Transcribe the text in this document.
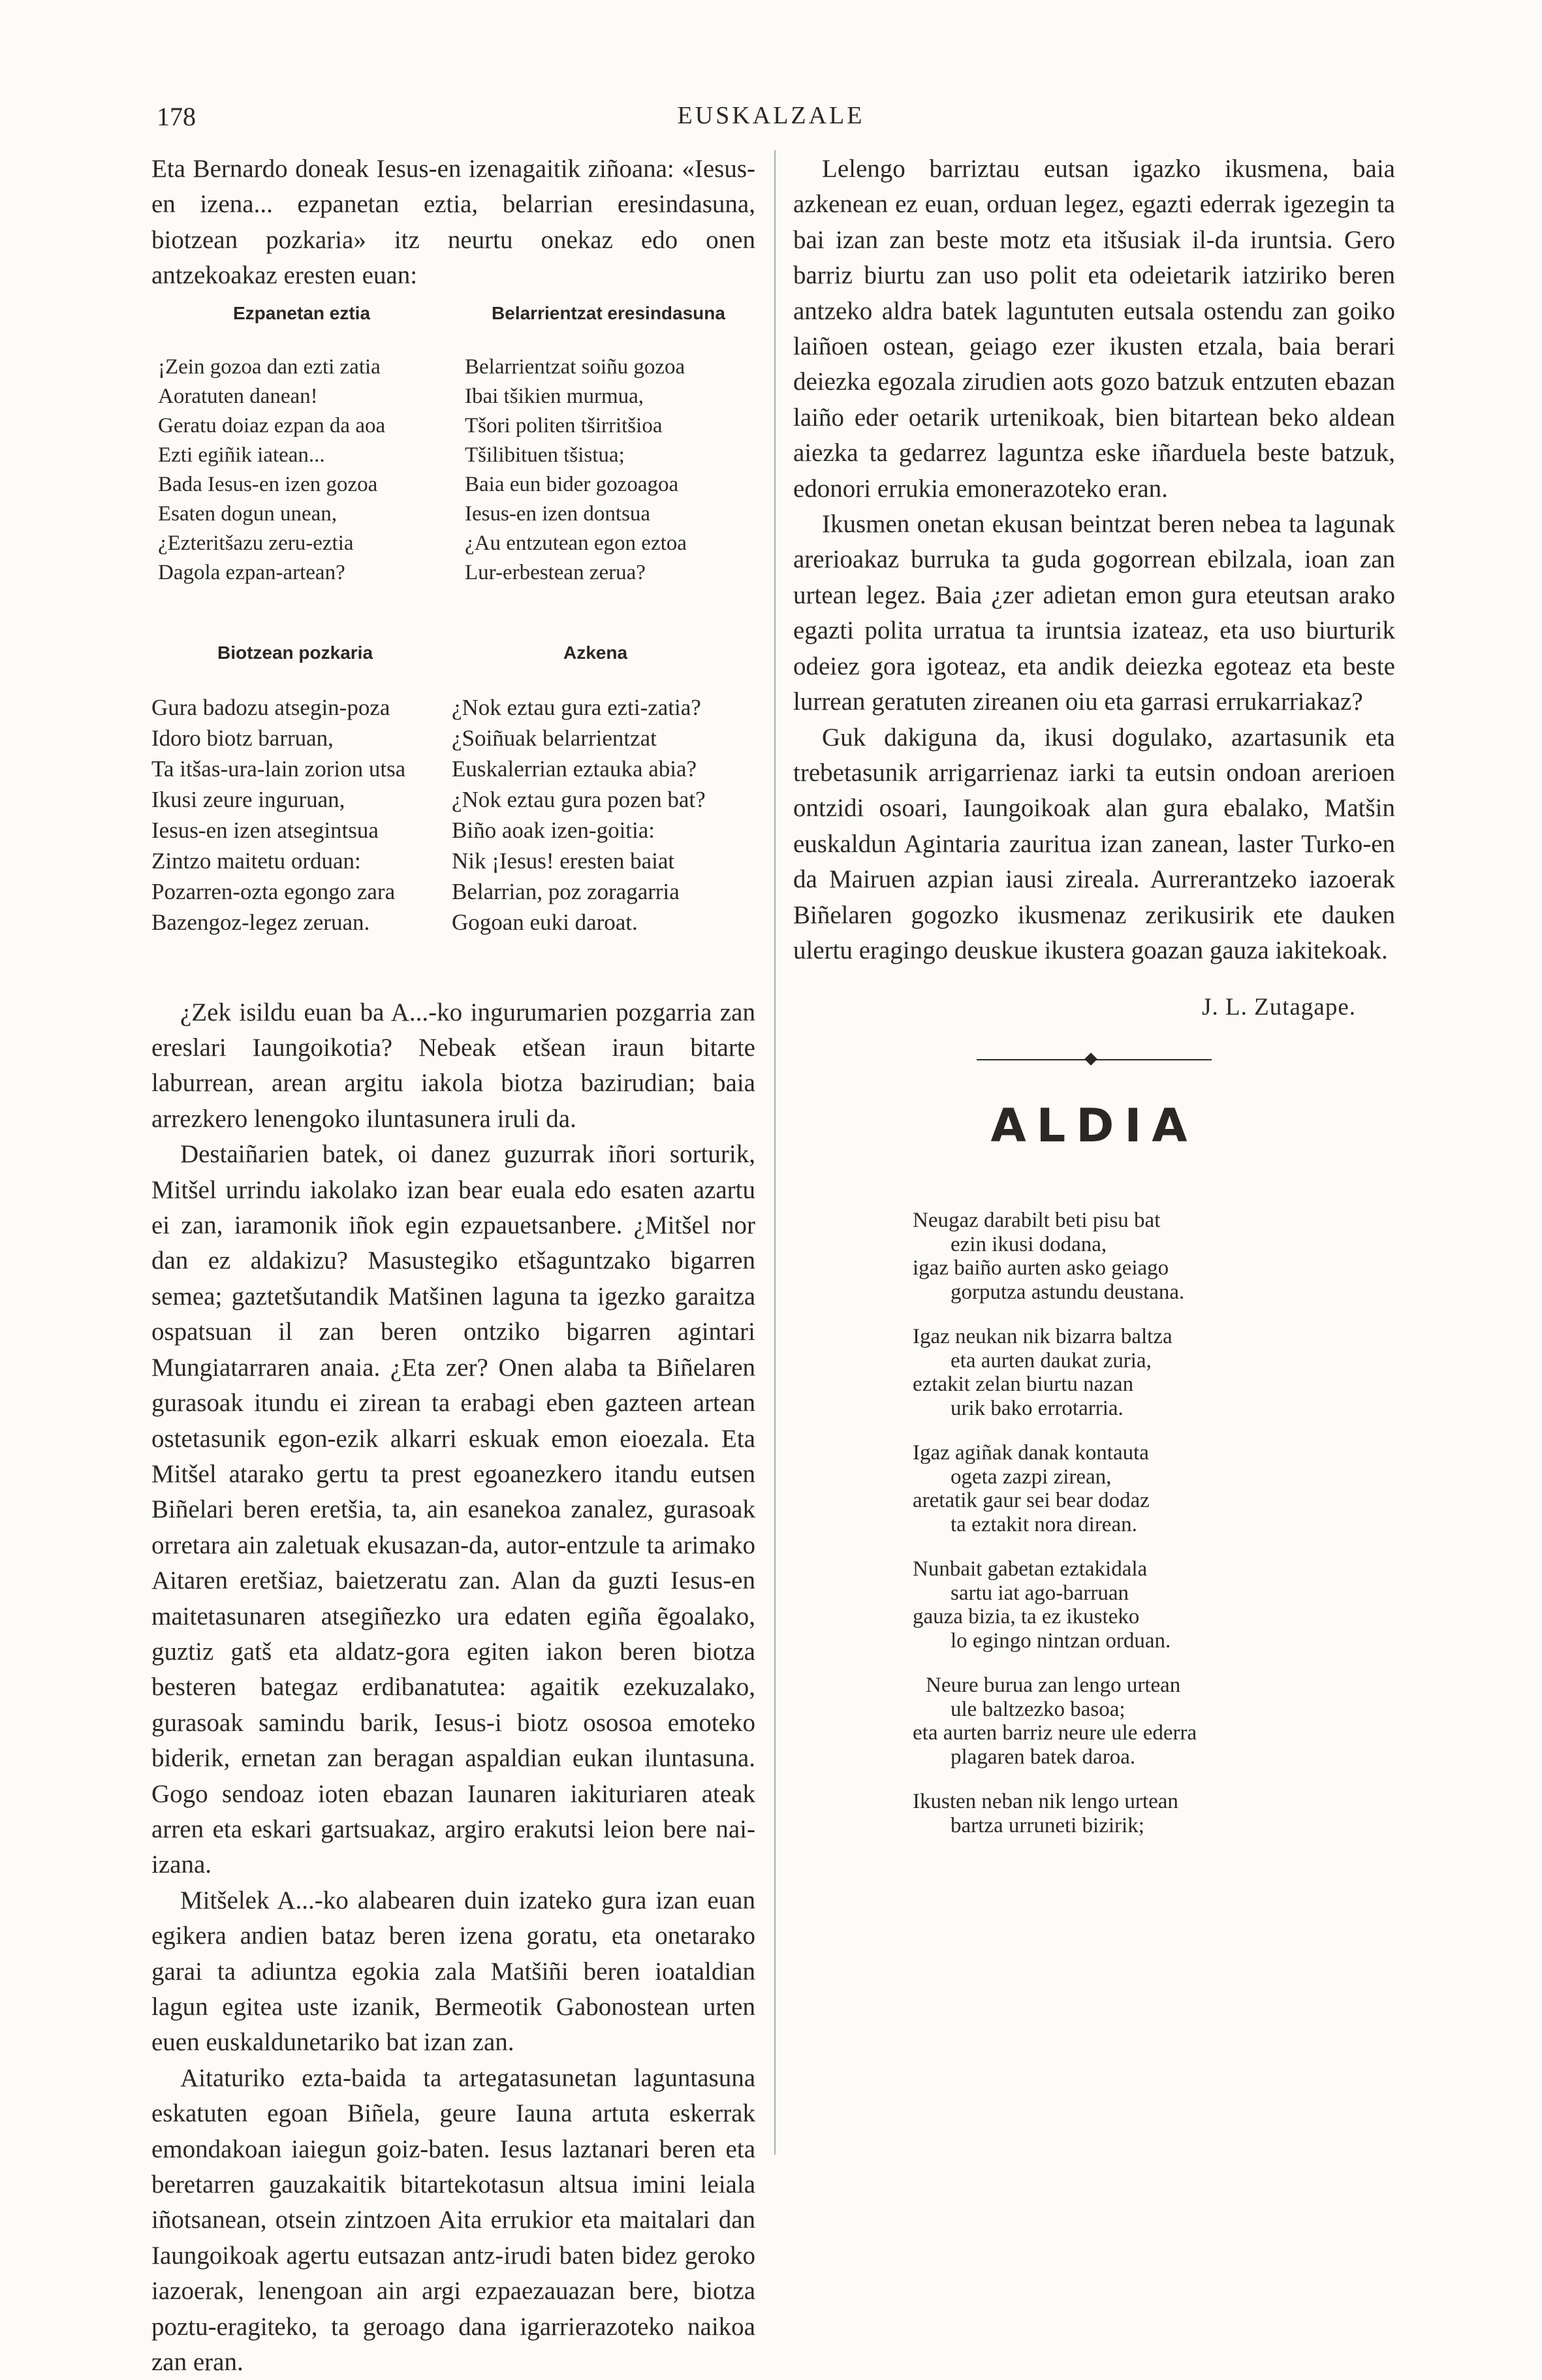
178	EUSKALZALE

Eta Bernardo doneak Iesus-en izenagaitik ziñoana: «Iesus-en izena... ezpanetan eztia, belarrian eresindasuna, biotzean pozkaria» itz neurtu onekaz edo onen antzekoakaz eresten euan:

Ezpanetan eztia
¡Zein gozoa dan ezti zatia
Aoratuten danean!
Geratu doiaz ezpan da aoa
Ezti egiñik iatean...
Bada Iesus-en izen gozoa
Esaten dogun unean,
¿Ezteritšazu zeru-eztia
Dagola ezpan-artean?
Belarrientzat eresindasuna
Belarrientzat soiñu gozoa
Ibai tšikien murmua,
Tšori politen tširritšioa
Tšilibituen tšistua;
Baia eun bider gozoagoa
Iesus-en izen dontsua
¿Au entzutean egon eztoa
Lur-erbestean zerua?
Biotzean pozkaria
Gura badozu atsegin-poza
Idoro biotz barruan,
Ta itšas-ura-lain zorion utsa
Ikusi zeure inguruan,
Iesus-en izen atsegintsua
Zintzo maitetu orduan:
Pozarren-ozta egongo zara
Bazengoz-legez zeruan.
Azkena
¿Nok eztau gura ezti-zatia?
¿Soiñuak belarrientzat
Euskalerrian eztauka abia?
¿Nok eztau gura pozen bat?
Biño aoak izen-goitia:
Nik ¡Iesus! eresten baiat
Belarrian, poz zoragarria
Gogoan euki daroat.

¿Zek isildu euan ba A...-ko ingurumarien pozgarria zan ereslari Iaungoikotia? Nebeak etšean iraun bitarte laburrean, arean argitu iakola biotza bazirudian; baia arrezkero lenengoko iluntasunera iruli da.

Destaiñarien batek, oi danez guzurrak iñori sorturik, Mitšel urrindu iakolako izan bear euala edo esaten azartu ei zan, iaramonik iñok egin ezpauetsanbere. ¿Mitšel nor dan ez aldakizu? Masustegiko etšaguntzako bigarren semea; gaztetšutandik Matšinen laguna ta igezko garaitza ospatsuan il zan beren ontziko bigarren agintari Mungiatarraren anaia. ¿Eta zer? Onen alaba ta Biñelaren gurasoak itundu ei zirean ta erabagi eben gazteen artean ostetasunik egon-ezik alkarri eskuak emon eioezala. Eta Mitšel atarako gertu ta prest egoanezkero itandu eutsen Biñelari beren eretšia, ta, ain esanekoa zanalez, gurasoak orretara ain zaletuak ekusazan-da, autor-entzule ta arimako Aitaren eretšiaz, baietzeratu zan. Alan da guzti Iesus-en maitetasunaren atsegiñezko ura edaten egiña ẽgoalako, guztiz gatš eta aldatz-gora egiten iakon beren biotza besteren bategaz erdibanatutea: agaitik ezekuzalako, gurasoak samindu barik, Iesus-i biotz ososoa emoteko biderik, ernetan zan beragan aspaldian eukan iluntasuna. Gogo sendoaz ioten ebazan Iaunaren iakituriaren ateak arren eta eskari gartsuakaz, argiro erakutsi leion bere nai-izana.

Mitšelek A...-ko alabearen duin izateko gura izan euan egikera andien bataz beren izena goratu, eta onetarako garai ta adiuntza egokia zala Matšiñi beren ioataldian lagun egitea uste izanik, Bermeotik Gabonostean urten euen euskaldunetariko bat izan zan.

Aitaturiko ezta-baida ta artegatasunetan laguntasuna eskatuten egoan Biñela, geure Iauna artuta eskerrak emondakoan iaiegun goiz-baten. Iesus laztanari beren eta beretarren gauzakaitik bitartekotasun altsua imini leiala iñotsanean, otsein zintzoen Aita errukior eta maitalari dan Iaungoikoak agertu eutsazan antz-irudi baten bidez geroko iazoerak, lenengoan ain argi ezpaezauazan bere, biotza poztu-eragiteko, ta geroago dana igarrierazoteko naikoa zan eran.

Lelengo barriztau eutsan igazko ikusmena, baia azkenean ez euan, orduan legez, egazti ederrak igezegin ta bai izan zan beste motz eta itšusiak il-da iruntsia. Gero barriz biurtu zan uso polit eta odeietarik iatziriko beren antzeko aldra batek laguntuten eutsala ostendu zan goiko laiñoen ostean, geiago ezer ikusten etzala, baia berari deiezka egozala zirudien aots gozo batzuk entzuten ebazan laiño eder oetarik urtenikoak, bien bitartean beko aldean aiezka ta gedarrez laguntza eske iñarduela beste batzuk, edonori errukia emonerazoteko eran.

Ikusmen onetan ekusan beintzat beren nebea ta lagunak arerioakaz burruka ta guda gogorrean ebilzala, ioan zan urtean legez. Baia ¿zer adietan emon gura eteutsan arako egazti polita urratua ta iruntsia izateaz, eta uso biurturik odeiez gora igoteaz, eta andik deiezka egoteaz eta beste lurrean geratuten zireanen oiu eta garrasi errukarriakaz?

Guk dakiguna da, ikusi dogulako, azartasunik eta trebetasunik arrigarrienaz iarki ta eutsin ondoan arerioen ontzidi osoari, Iaungoikoak alan gura ebalako, Matšin euskaldun Agintaria zauritua izan zanean, laster Turko-en da Mairuen azpian iausi zireala. Aurrerantzeko iazoerak Biñelaren gogozko ikusmenaz zerikusirik ete dauken ulertu eragingo deuskue ikustera goazan gauza iakitekoak.

J. L. Zutagape.
ALDIA
Neugaz darabilt beti pisu bat
ezin ikusi dodana,
igaz baiño aurten asko geiago
gorputza astundu deustana.
Igaz neukan nik bizarra baltza
eta aurten daukat zuria,
eztakit zelan biurtu nazan
urik bako errotarria.
Igaz agiñak danak kontauta
ogeta zazpi zirean,
aretatik gaur sei bear dodaz
ta eztakit nora direan.
Nunbait gabetan eztakidala
sartu iat ago-barruan
gauza bizia, ta ez ikusteko
lo egingo nintzan orduan.
Neure burua zan lengo urtean
ule baltzezko basoa;
eta aurten barriz neure ule ederra
plagaren batek daroa.
Ikusten neban nik lengo urtean
bartza urruneti bizirik;
